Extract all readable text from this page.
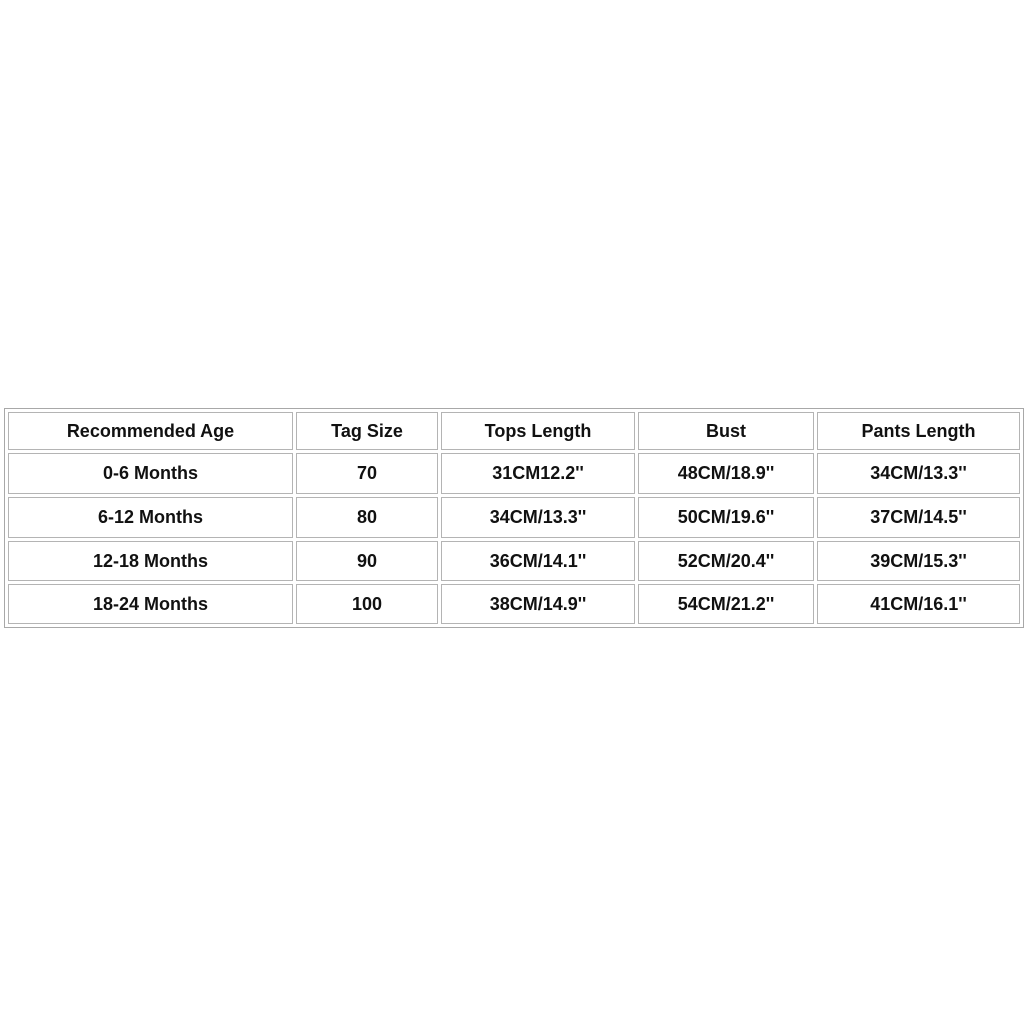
Recommended Age	Tag Size	Tops Length	Bust	Pants Length
0-6 Months	70	31CM12.2''	48CM/18.9''	34CM/13.3''
6-12 Months	80	34CM/13.3''	50CM/19.6''	37CM/14.5''
12-18 Months	90	36CM/14.1''	52CM/20.4''	39CM/15.3''
18-24 Months	100	38CM/14.9''	54CM/21.2''	41CM/16.1''
